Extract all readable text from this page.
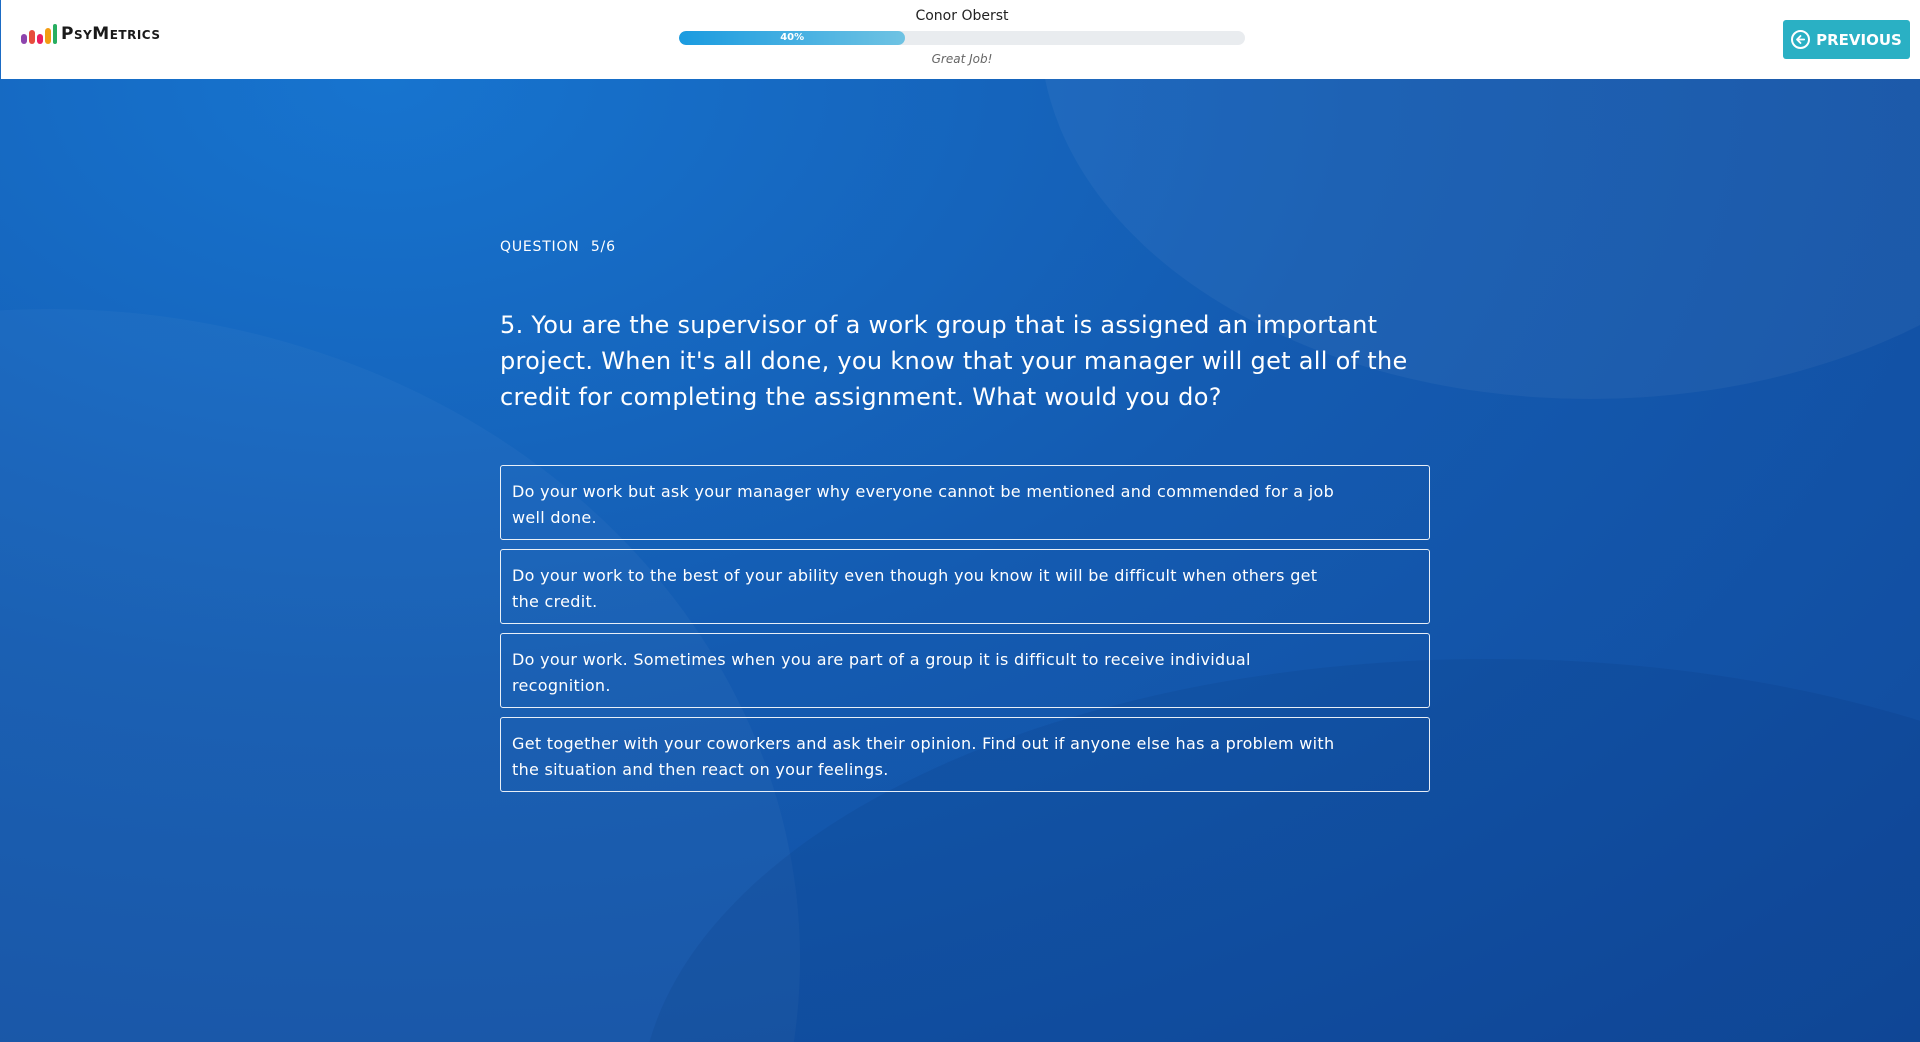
PsyMetrics
Conor Oberst
40%
Great Job!
PREVIOUS
QUESTION 5/6
5. You are the supervisor of a work group that is assigned an important project. When it's all done, you know that your manager will get all of the credit for completing the assignment. What would you do?
Do your work but ask your manager why everyone cannot be mentioned and commended for a job well done.
Do your work to the best of your ability even though you know it will be difficult when others get the credit.
Do your work. Sometimes when you are part of a group it is difficult to receive individual recognition.
Get together with your coworkers and ask their opinion. Find out if anyone else has a problem with the situation and then react on your feelings.
